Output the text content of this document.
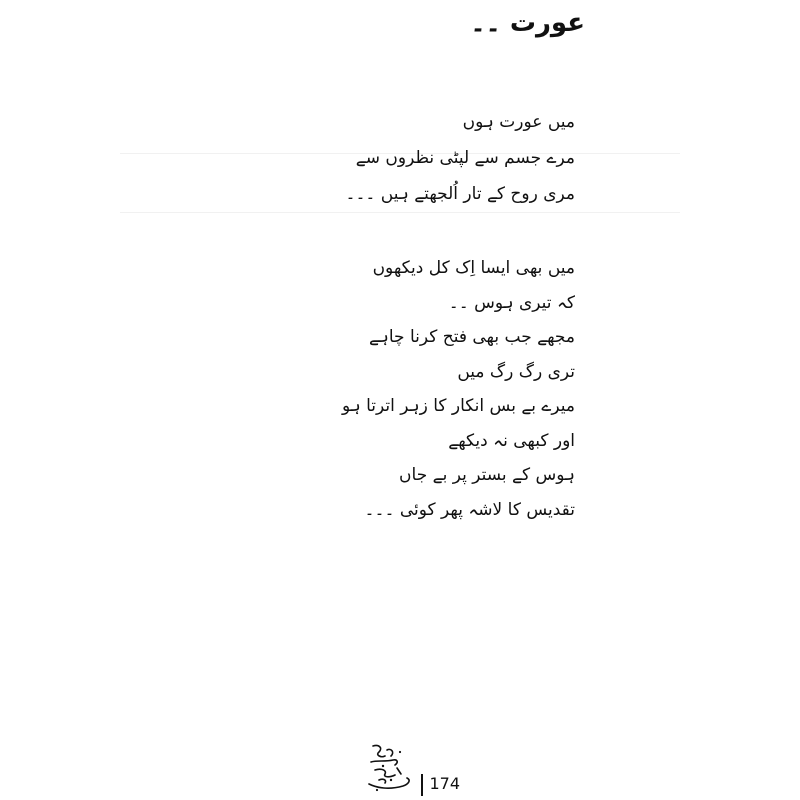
عورت ۔۔

میں عورت ہوں

مرے جسم سے لپٹی نظروں سے

مری روح کے تار اُلجھتے ہیں ۔۔۔

میں بھی ایسا اِک کل دیکھوں

کہ تیری ہوس ۔۔

مجھے جب بھی فتح کرنا چاہے

تری رگ رگ میں

میرے بے بس انکار کا زہر اترتا ہو

اور کبھی نہ دیکھے

ہوس کے بستر پر بے جاں

تقدیس کا لاشہ پھر کوئی ۔۔۔

174
